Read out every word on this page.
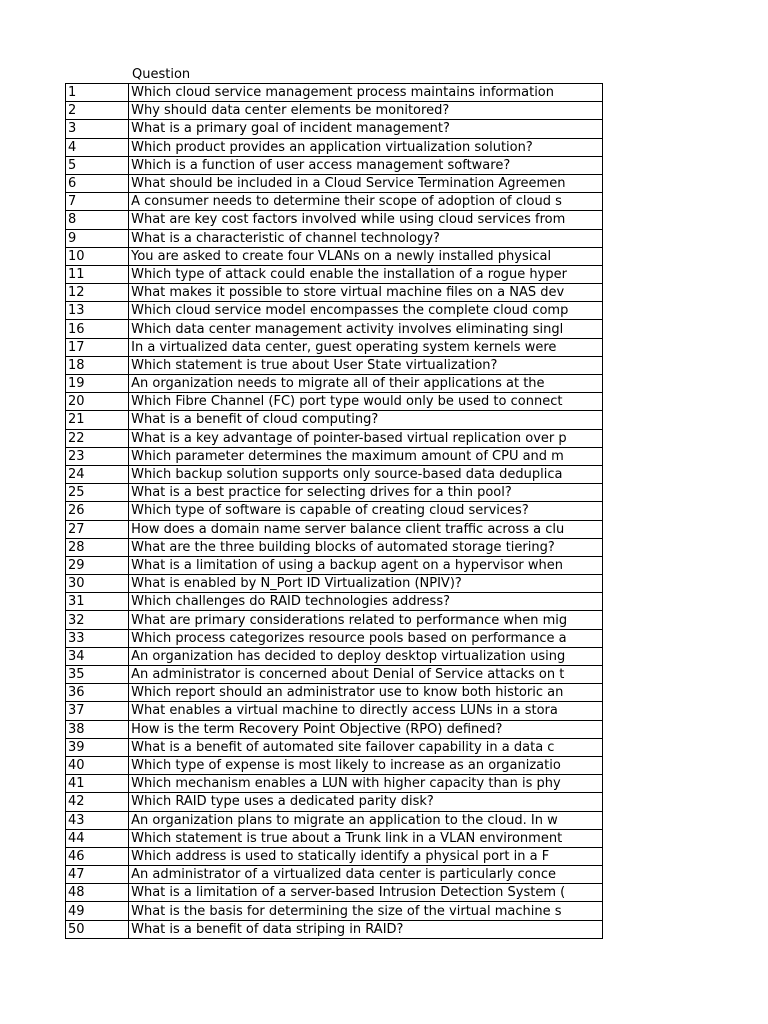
Question
1	Which cloud service management process maintains information
2	Why should data center elements be monitored?
3	What is a primary goal of incident management?
4	Which product provides an application virtualization solution?
5	Which is a function of user access management software?
6	What should be included in a Cloud Service Termination Agreemen
7	A consumer needs to determine their scope of adoption of cloud s
8	What are key cost factors involved while using cloud services from
9	What is a characteristic of channel technology?
10	You are asked to create four VLANs on a newly installed physical
11	Which type of attack could enable the installation of a rogue hyper
12	What makes it possible to store virtual machine files on a NAS dev
13	Which cloud service model encompasses the complete cloud comp
16	Which data center management activity involves eliminating singl
17	In a virtualized data center, guest operating system kernels were
18	Which statement is true about User State virtualization?
19	An organization needs to migrate all of their applications at the
20	Which Fibre Channel (FC) port type would only be used to connect
21	What is a benefit of cloud computing?
22	What is a key advantage of pointer-based virtual replication over p
23	Which parameter determines the maximum amount of CPU and m
24	Which backup solution supports only source-based data deduplica
25	What is a best practice for selecting drives for a thin pool?
26	Which type of software is capable of creating cloud services?
27	How does a domain name server balance client traffic across a clu
28	What are the three building blocks of automated storage tiering?
29	What is a limitation of using a backup agent on a hypervisor when
30	What is enabled by N_Port ID Virtualization (NPIV)?
31	Which challenges do RAID technologies address?
32	What are primary considerations related to performance when mig
33	Which process categorizes resource pools based on performance a
34	An organization has decided to deploy desktop virtualization using
35	An administrator is concerned about Denial of Service attacks on t
36	Which report should an administrator use to know both historic an
37	What enables a virtual machine to directly access LUNs in a stora
38	How is the term Recovery Point Objective (RPO) defined?
39	What is a benefit of automated site failover capability in a data c
40	Which type of expense is most likely to increase as an organizatio
41	Which mechanism enables a LUN with higher capacity than is phy
42	Which RAID type uses a dedicated parity disk?
43	An organization plans to migrate an application to the cloud. In w
44	Which statement is true about a Trunk link in a VLAN environment
46	Which address is used to statically identify a physical port in a F
47	An administrator of a virtualized data center is particularly conce
48	What is a limitation of a server-based Intrusion Detection System (
49	What is the basis for determining the size of the virtual machine s
50	What is a benefit of data striping in RAID?
